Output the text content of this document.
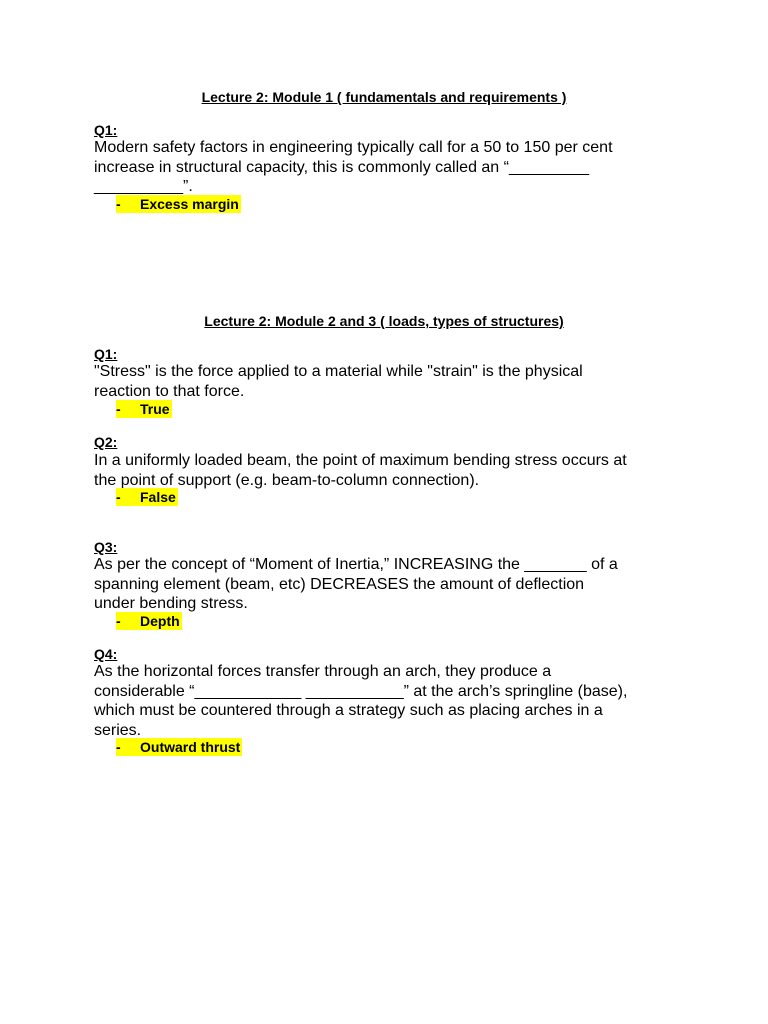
Lecture 2: Module 1 ( fundamentals and requirements )
Q1:
Modern safety factors in engineering typically call for a 50 to 150 per cent
increase in structural capacity, this is commonly called an “_________
__________”.
- Excess margin
Lecture 2: Module 2 and 3 ( loads, types of structures)
Q1:
"Stress" is the force applied to a material while "strain" is the physical
reaction to that force.
- True
Q2:
In a uniformly loaded beam, the point of maximum bending stress occurs at
the point of support (e.g. beam-to-column connection).
- False
Q3:
As per the concept of “Moment of Inertia,” INCREASING the _______ of a
spanning element (beam, etc) DECREASES the amount of deflection
under bending stress.
- Depth
Q4:
As the horizontal forces transfer through an arch, they produce a
considerable “____________ ___________” at the arch’s springline (base),
which must be countered through a strategy such as placing arches in a
series.
- Outward thrust
